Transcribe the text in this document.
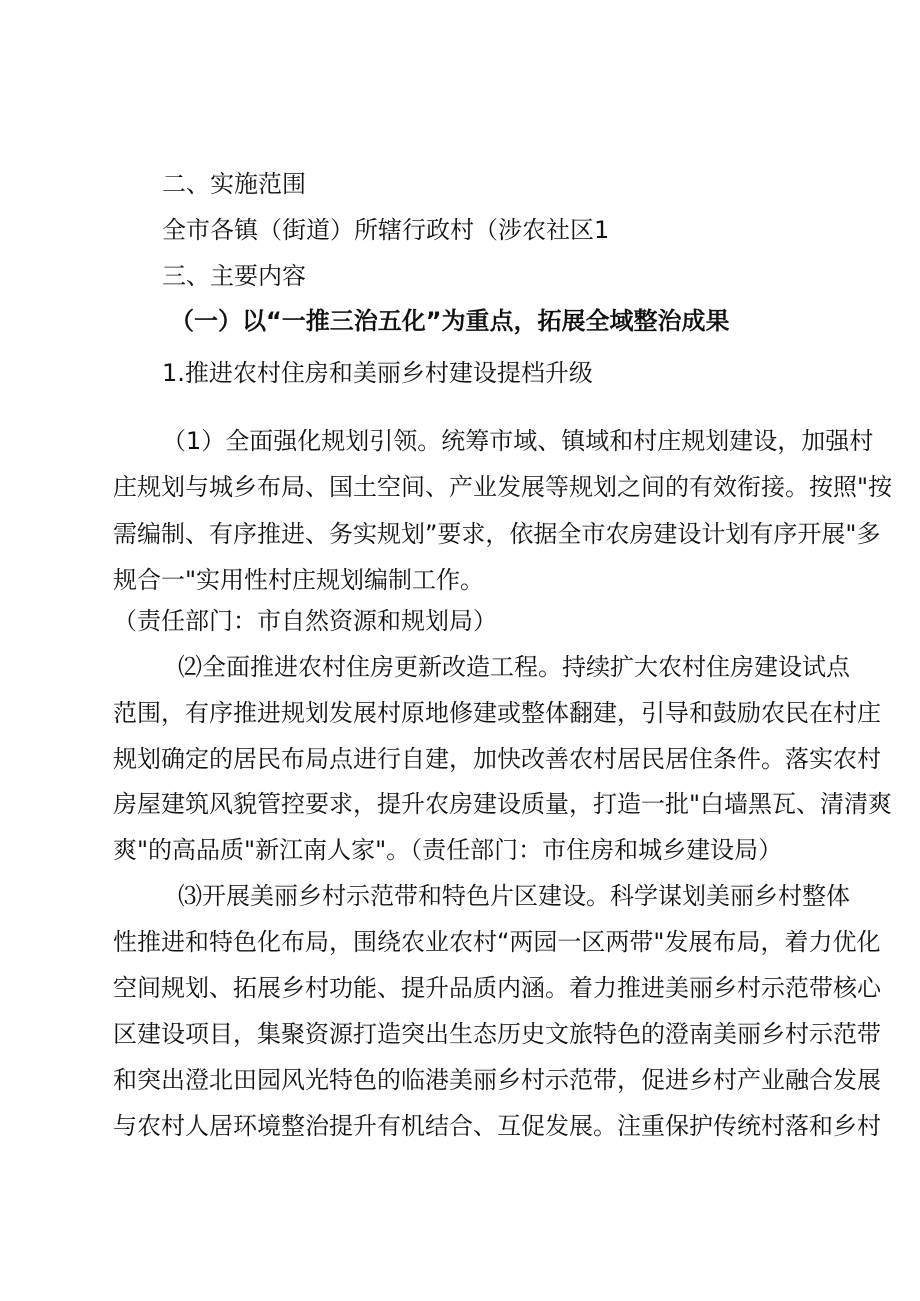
二、实施范围
全市各镇（街道）所辖行政村（涉农社区1
三、主要内容
（一）以“一推三治五化”为重点，拓展全域整治成果
1.推进农村住房和美丽乡村建设提档升级
（1）全面强化规划引领。统筹市域、镇域和村庄规划建设，加强村
庄规划与城乡布局、国土空间、产业发展等规划之间的有效衔接。按照"按
需编制、有序推进、务实规划”要求，依据全市农房建设计划有序开展"多
规合一"实用性村庄规划编制工作。
（责任部门：市自然资源和规划局）
⑵全面推进农村住房更新改造工程。持续扩大农村住房建设试点
范围，有序推进规划发展村原地修建或整体翻建，引导和鼓励农民在村庄
规划确定的居民布局点进行自建，加快改善农村居民居住条件。落实农村
房屋建筑风貌管控要求，提升农房建设质量，打造一批"白墙黑瓦、清清爽
爽"的高品质"新江南人家"。（责任部门：市住房和城乡建设局）
⑶开展美丽乡村示范带和特色片区建设。科学谋划美丽乡村整体
性推进和特色化布局，围绕农业农村“两园一区两带"发展布局，着力优化
空间规划、拓展乡村功能、提升品质内涵。着力推进美丽乡村示范带核心
区建设项目，集聚资源打造突出生态历史文旅特色的澄南美丽乡村示范带
和突出澄北田园风光特色的临港美丽乡村示范带，促进乡村产业融合发展
与农村人居环境整治提升有机结合、互促发展。注重保护传统村落和乡村
